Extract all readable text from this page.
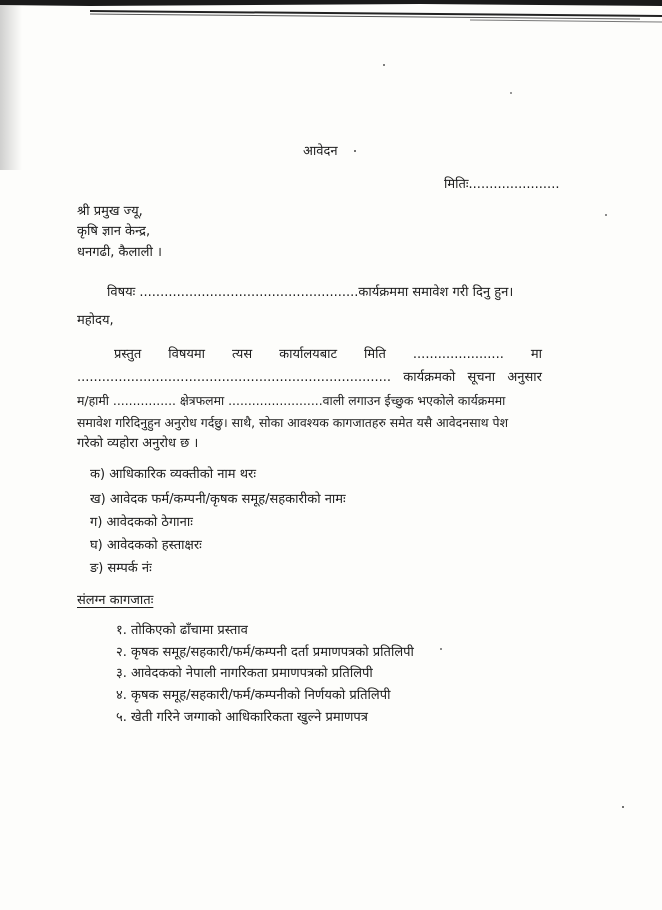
आवेदन
मितिः......................
श्री प्रमुख ज्यू,
कृषि ज्ञान केन्द्र,
धनगढी, कैलाली ।
विषयः .....................................................कार्यक्रममा समावेश गरी दिनु हुन।
महोदय,
प्रस्तुत विषयमा त्यस कार्यालयबाट मिति ...................... मा
............................................................................ कार्यक्रमको सूचना अनुसार
म/हामी ................ क्षेत्रफलमा ........................वाली लगाउन ईच्छुक भएकोले कार्यक्रममा
समावेश गरिदिनुहुन अनुरोध गर्दछु। साथै, सोका आवश्यक कागजातहरु समेत यसै आवेदनसाथ पेश
गरेको व्यहोरा अनुरोध छ ।
क) आधिकारिक व्यक्तीको नाम थरः
ख) आवेदक फर्म/कम्पनी/कृषक समूह/सहकारीको नामः
ग) आवेदकको ठेगानाः
घ) आवेदकको हस्ताक्षरः
ङ) सम्पर्क नंः
संलग्न कागजातः
१. तोकिएको ढाँचामा प्रस्ताव
२. कृषक समूह/सहकारी/फर्म/कम्पनी दर्ता प्रमाणपत्रको प्रतिलिपी
३. आवेदकको नेपाली नागरिकता प्रमाणपत्रको प्रतिलिपी
४. कृषक समूह/सहकारी/फर्म/कम्पनीको निर्णयको प्रतिलिपी
५. खेती गरिने जग्गाको आधिकारिकता खुल्ने प्रमाणपत्र
